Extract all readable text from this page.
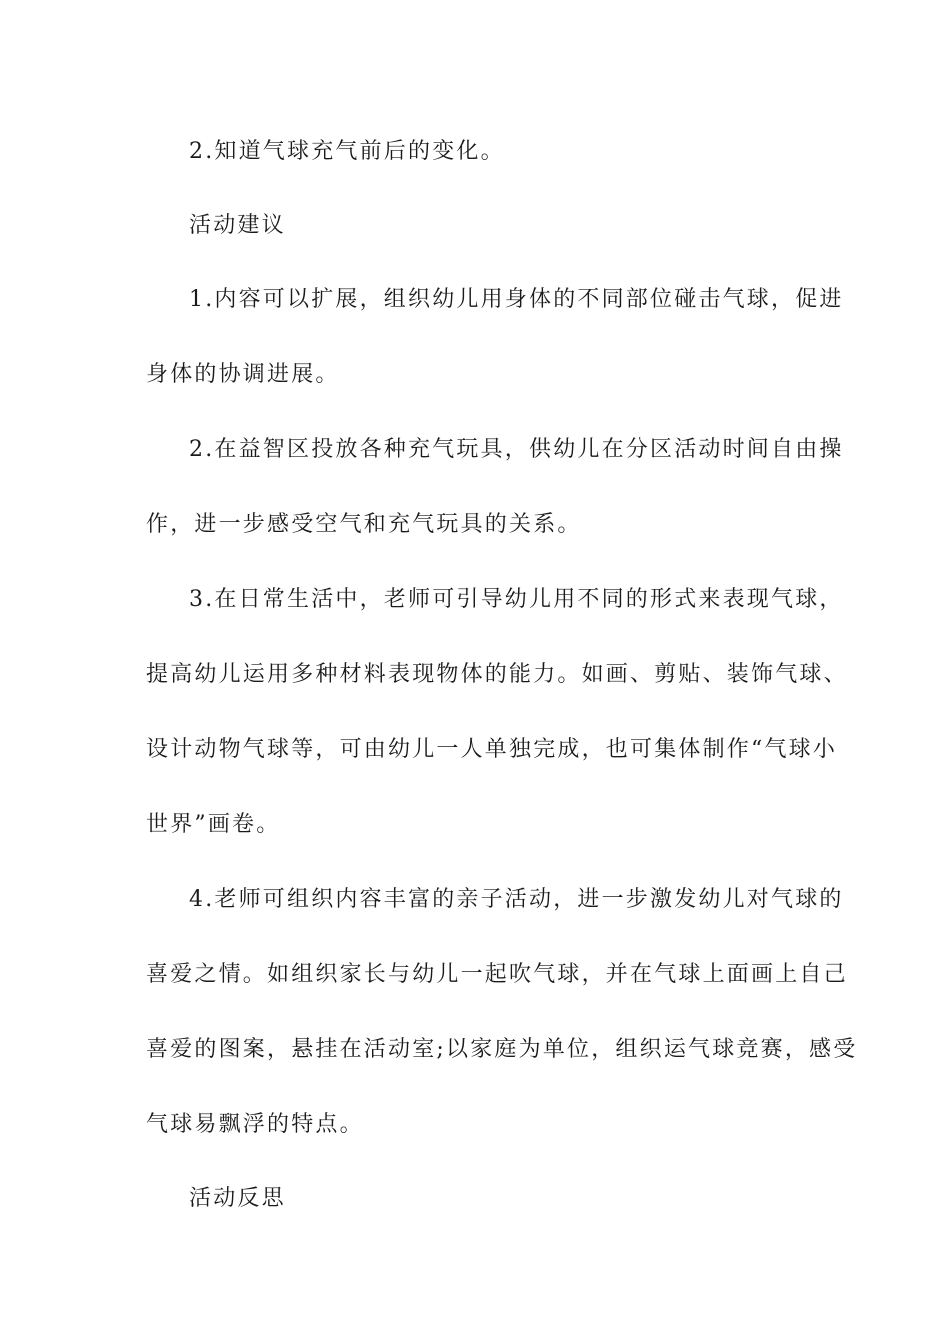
2.知道气球充气前后的变化。
活动建议
1.内容可以扩展，组织幼儿用身体的不同部位碰击气球，促进
身体的协调进展。
2.在益智区投放各种充气玩具，供幼儿在分区活动时间自由操
作，进一步感受空气和充气玩具的关系。
3.在日常生活中，老师可引导幼儿用不同的形式来表现气球，
提高幼儿运用多种材料表现物体的能力。如画、剪贴、装饰气球、
设计动物气球等，可由幼儿一人单独完成，也可集体制作“气球小
世界”画卷。
4.老师可组织内容丰富的亲子活动，进一步激发幼儿对气球的
喜爱之情。如组织家长与幼儿一起吹气球，并在气球上面画上自己
喜爱的图案，悬挂在活动室;以家庭为单位，组织运气球竞赛，感受
气球易飘浮的特点。
活动反思
